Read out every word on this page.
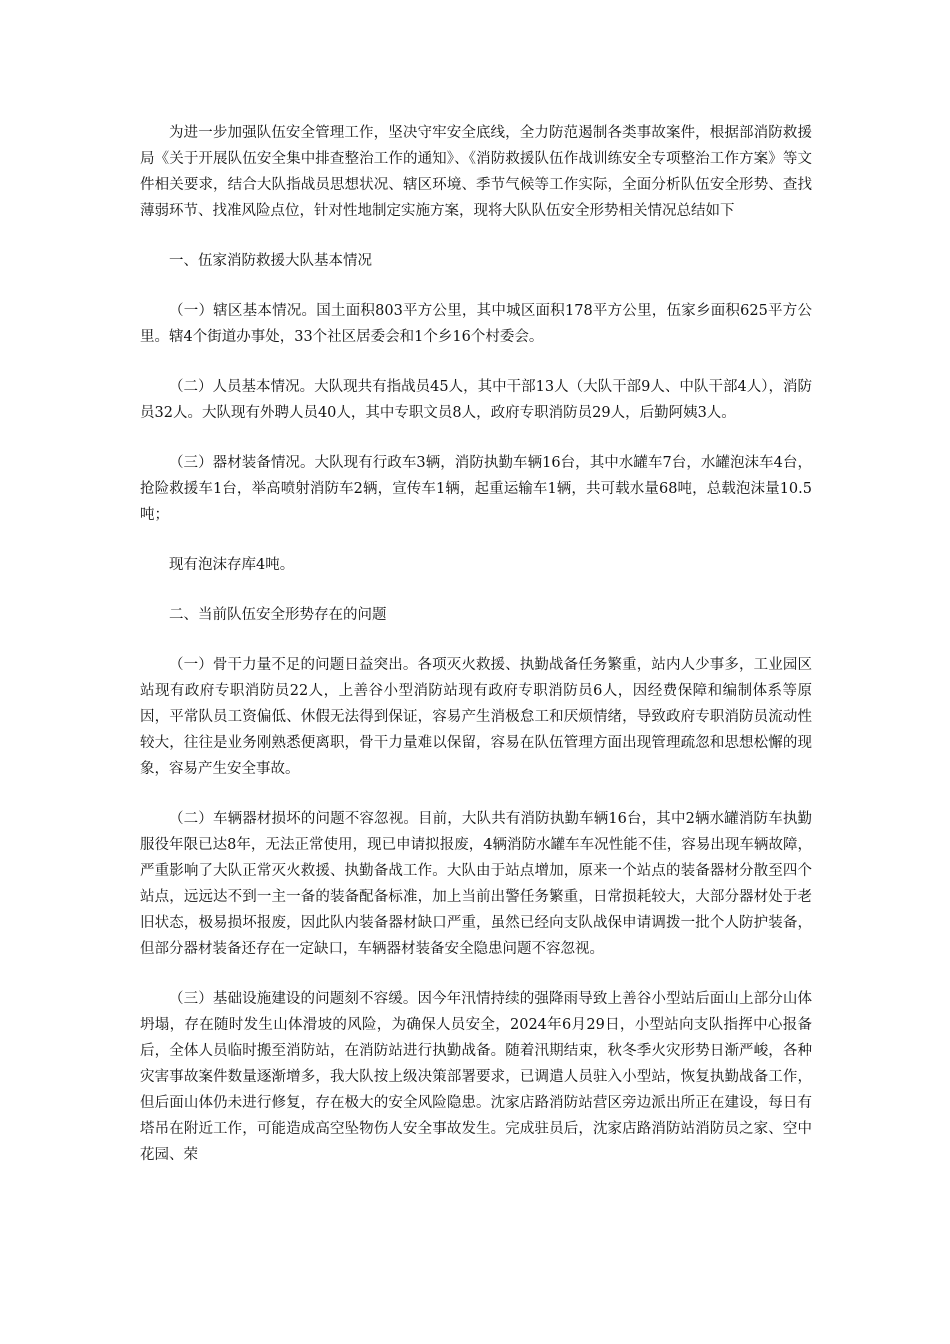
为进一步加强队伍安全管理工作，坚决守牢安全底线，全力防范遏制各类事故案件，根据部消防救援局《关于开展队伍安全集中排查整治工作的通知》、《消防救援队伍作战训练安全专项整治工作方案》等文件相关要求，结合大队指战员思想状况、辖区环境、季节气候等工作实际，全面分析队伍安全形势、查找薄弱环节、找准风险点位，针对性地制定实施方案，现将大队队伍安全形势相关情况总结如下

一、伍家消防救援大队基本情况

（一）辖区基本情况。国土面积803平方公里，其中城区面积178平方公里，伍家乡面积625平方公里。辖4个街道办事处，33个社区居委会和1个乡16个村委会。

（二）人员基本情况。大队现共有指战员45人，其中干部13人（大队干部9人、中队干部4人），消防员32人。大队现有外聘人员40人，其中专职文员8人，政府专职消防员29人，后勤阿姨3人。

（三）器材装备情况。大队现有行政车3辆，消防执勤车辆16台，其中水罐车7台，水罐泡沫车4台，抢险救援车1台，举高喷射消防车2辆，宣传车1辆，起重运输车1辆，共可载水量68吨，总载泡沫量10.5吨；

现有泡沫存库4吨。

二、当前队伍安全形势存在的问题

（一）骨干力量不足的问题日益突出。各项灭火救援、执勤战备任务繁重，站内人少事多，工业园区站现有政府专职消防员22人，上善谷小型消防站现有政府专职消防员6人，因经费保障和编制体系等原因，平常队员工资偏低、休假无法得到保证，容易产生消极怠工和厌烦情绪，导致政府专职消防员流动性较大，往往是业务刚熟悉便离职，骨干力量难以保留，容易在队伍管理方面出现管理疏忽和思想松懈的现象，容易产生安全事故。

（二）车辆器材损坏的问题不容忽视。目前，大队共有消防执勤车辆16台，其中2辆水罐消防车执勤服役年限已达8年，无法正常使用，现已申请拟报废，4辆消防水罐车车况性能不佳，容易出现车辆故障，严重影响了大队正常灭火救援、执勤备战工作。大队由于站点增加，原来一个站点的装备器材分散至四个站点，远远达不到一主一备的装备配备标准，加上当前出警任务繁重，日常损耗较大，大部分器材处于老旧状态，极易损坏报废，因此队内装备器材缺口严重，虽然已经向支队战保申请调拨一批个人防护装备，但部分器材装备还存在一定缺口，车辆器材装备安全隐患问题不容忽视。

（三）基础设施建设的问题刻不容缓。因今年汛情持续的强降雨导致上善谷小型站后面山上部分山体坍塌，存在随时发生山体滑坡的风险，为确保人员安全，2024年6月29日，小型站向支队指挥中心报备后，全体人员临时搬至消防站，在消防站进行执勤战备。随着汛期结束，秋冬季火灾形势日渐严峻，各种灾害事故案件数量逐渐增多，我大队按上级决策部署要求，已调遣人员驻入小型站，恢复执勤战备工作，但后面山体仍未进行修复，存在极大的安全风险隐患。沈家店路消防站营区旁边派出所正在建设，每日有塔吊在附近工作，可能造成高空坠物伤人安全事故发生。完成驻员后，沈家店路消防站消防员之家、空中花园、荣
